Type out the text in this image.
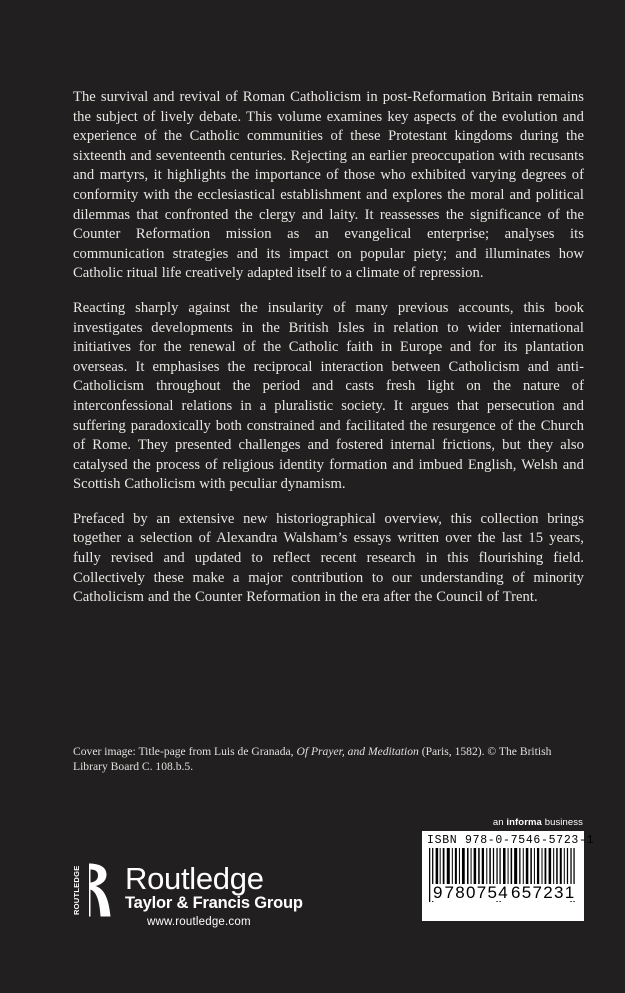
The survival and revival of Roman Catholicism in post-Reformation Britain remains the subject of lively debate. This volume examines key aspects of the evolution and experience of the Catholic communities of these Protestant kingdoms during the sixteenth and seventeenth centuries. Rejecting an earlier preoccupation with recusants and martyrs, it highlights the importance of those who exhibited varying degrees of conformity with the ecclesiastical establishment and explores the moral and political dilemmas that confronted the clergy and laity. It reassesses the significance of the Counter Reformation mission as an evangelical enterprise; analyses its communication strategies and its impact on popular piety; and illuminates how Catholic ritual life creatively adapted itself to a climate of repression.

Reacting sharply against the insularity of many previous accounts, this book investigates developments in the British Isles in relation to wider international initiatives for the renewal of the Catholic faith in Europe and for its plantation overseas. It emphasises the reciprocal interaction between Catholicism and anti-Catholicism throughout the period and casts fresh light on the nature of interconfessional relations in a pluralistic society. It argues that persecution and suffering paradoxically both constrained and facilitated the resurgence of the Church of Rome. They presented challenges and fostered internal frictions, but they also catalysed the process of religious identity formation and imbued English, Welsh and Scottish Catholicism with peculiar dynamism.

Prefaced by an extensive new historiographical overview, this collection brings together a selection of Alexandra Walsham’s essays written over the last 15 years, fully revised and updated to reflect recent research in this flourishing field. Collectively these make a major contribution to our understanding of minority Catholicism and the Counter Reformation in the era after the Council of Trent.

Cover image: Title-page from Luis de Granada, Of Prayer, and Meditation (Paris, 1582). © The British Library Board C. 108.b.5.
an informa business
ISBN 978-0-7546-5723-1
9 780754 657231
ROUTLEDGE Routledge
Taylor & Francis Group
www.routledge.com
